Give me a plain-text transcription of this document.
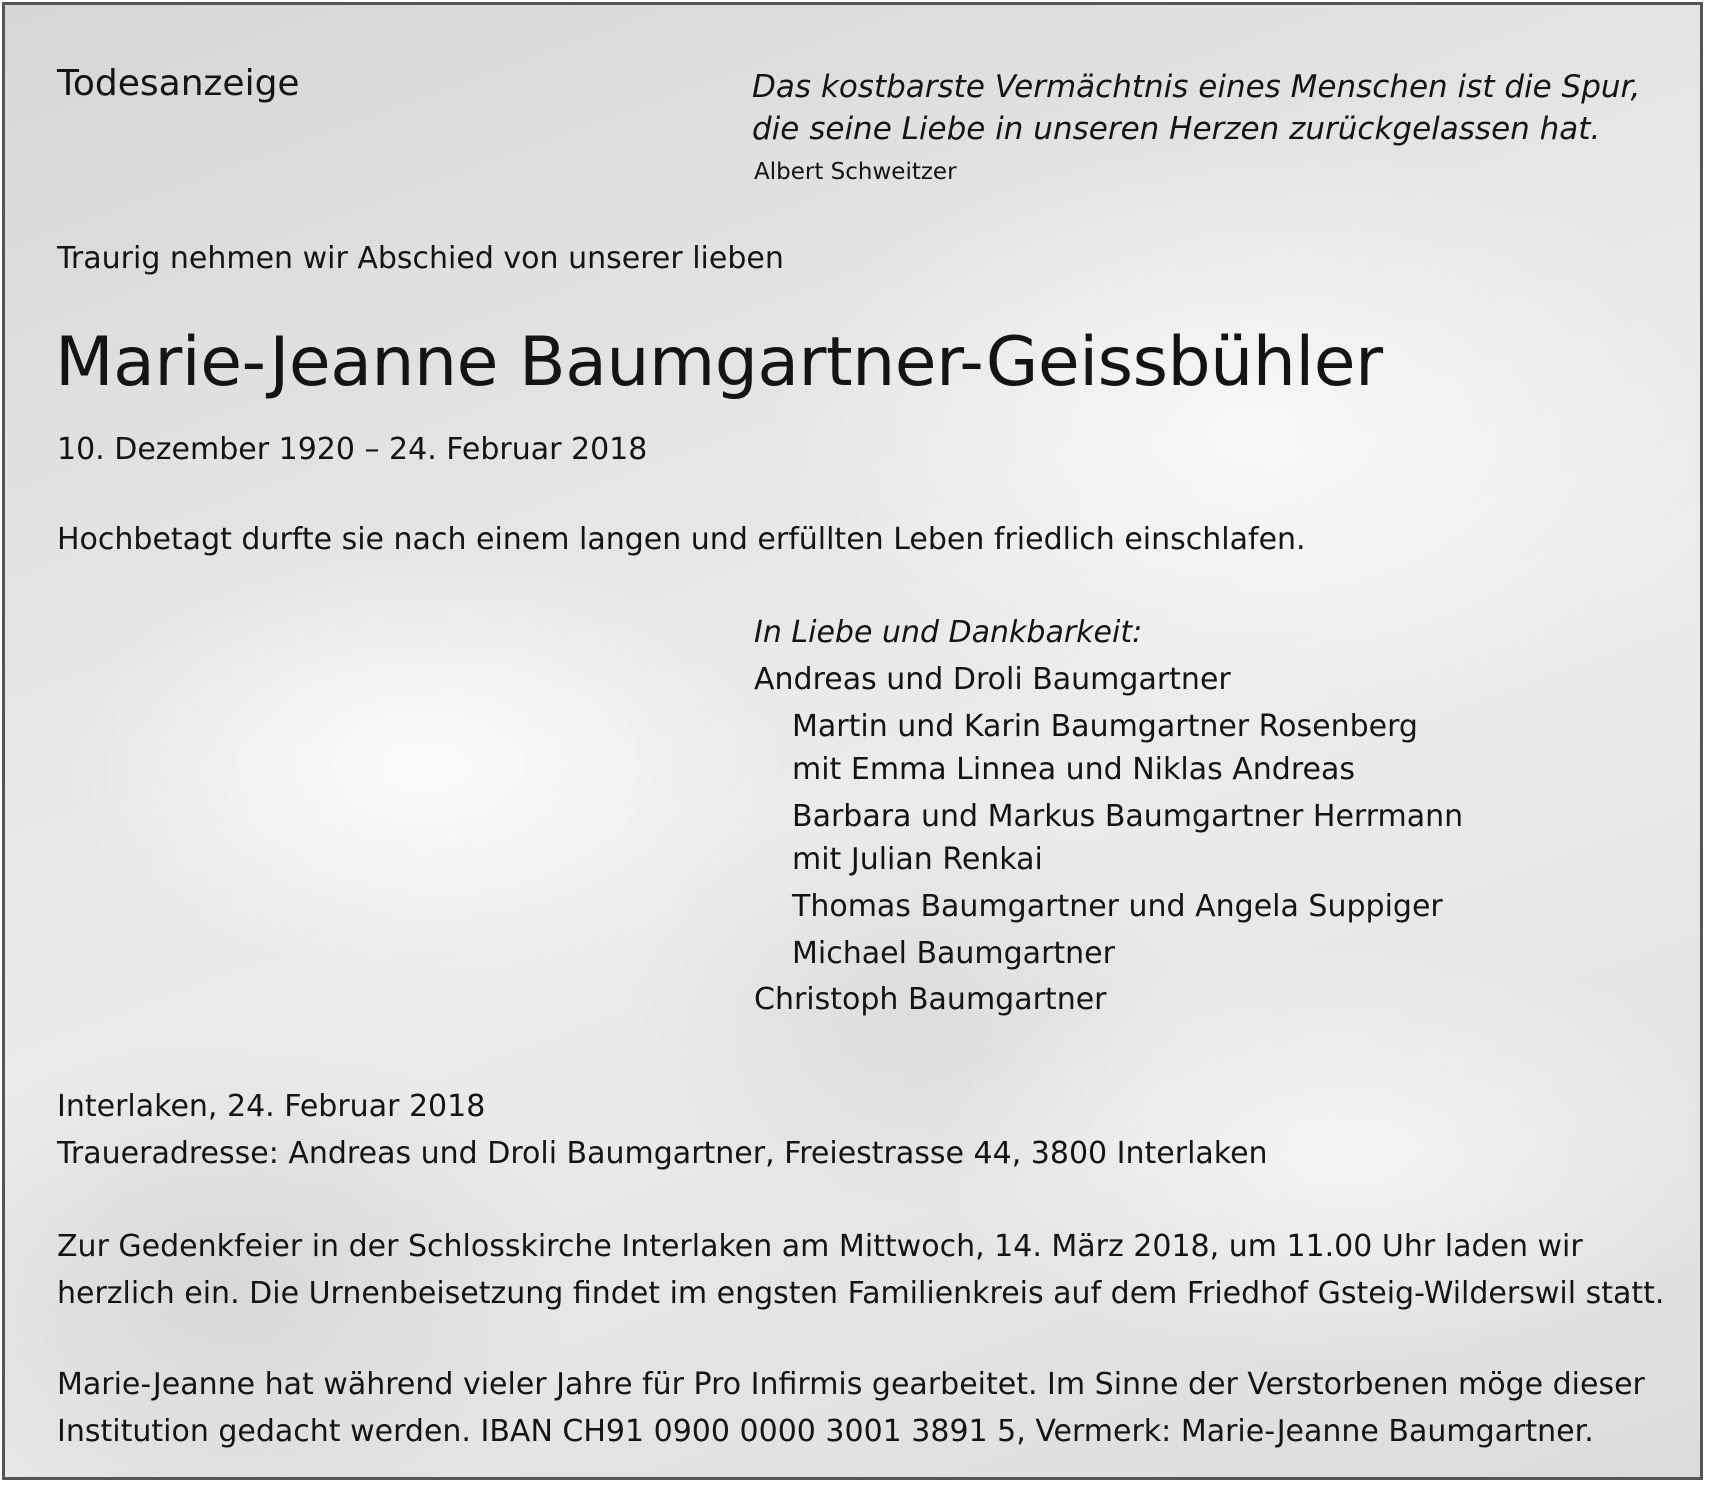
Todesanzeige	Das kostbarste Vermächtnis eines Menschen ist die Spur,

die seine Liebe in unseren Herzen zurückgelassen hat.

Albert Schweitzer

Traurig nehmen wir Abschied von unserer lieben

Marie-Jeanne Baumgartner-Geissbühler

10. Dezember 1920 – 24. Februar 2018

Hochbetagt durfte sie nach einem langen und erfüllten Leben friedlich einschlafen.

In Liebe und Dankbarkeit:

Andreas und Droli Baumgartner

Martin und Karin Baumgartner Rosenberg

mit Emma Linnea und Niklas Andreas

Barbara und Markus Baumgartner Herrmann

mit Julian Renkai

Thomas Baumgartner und Angela Suppiger

Michael Baumgartner

Christoph Baumgartner

Interlaken, 24. Februar 2018

Traueradresse: Andreas und Droli Baumgartner, Freiestrasse 44, 3800 Interlaken

Zur Gedenkfeier in der Schlosskirche Interlaken am Mittwoch, 14. März 2018, um 11.00 Uhr laden wir

herzlich ein. Die Urnenbeisetzung findet im engsten Familienkreis auf dem Friedhof Gsteig-Wilderswil statt.

Marie-Jeanne hat während vieler Jahre für Pro Infirmis gearbeitet. Im Sinne der Verstorbenen möge dieser

Institution gedacht werden. IBAN CH91 0900 0000 3001 3891 5, Vermerk: Marie-Jeanne Baumgartner.
